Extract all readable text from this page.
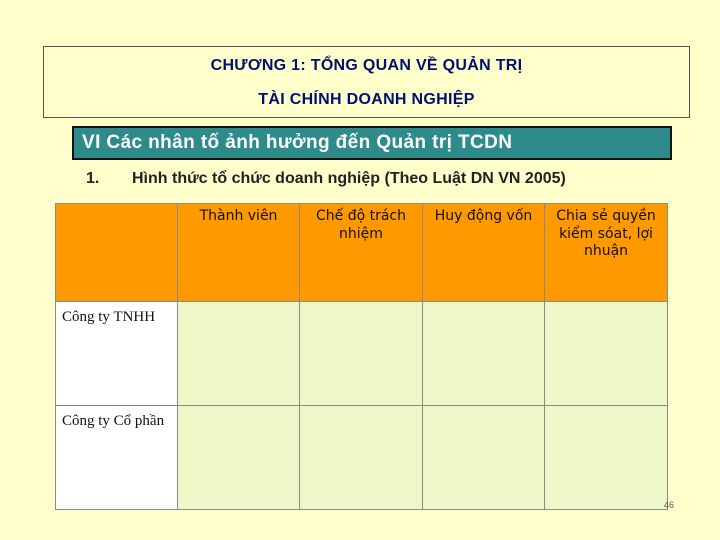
CHƯƠNG 1: TỔNG QUAN VỀ QUẢN TRỊ
TÀI CHÍNH DOANH NGHIỆP
VI Các nhân tố ảnh hưởng đến Quản trị TCDN
1. Hình thức tổ chức doanh nghiệp (Theo Luật DN VN 2005)
	Thành viên	Chế độ trách nhiệm	Huy động vốn	Chia sẻ quyền kiểm sóat, lợi nhuận
Công ty TNHH				
Công ty Cổ phần				
46
